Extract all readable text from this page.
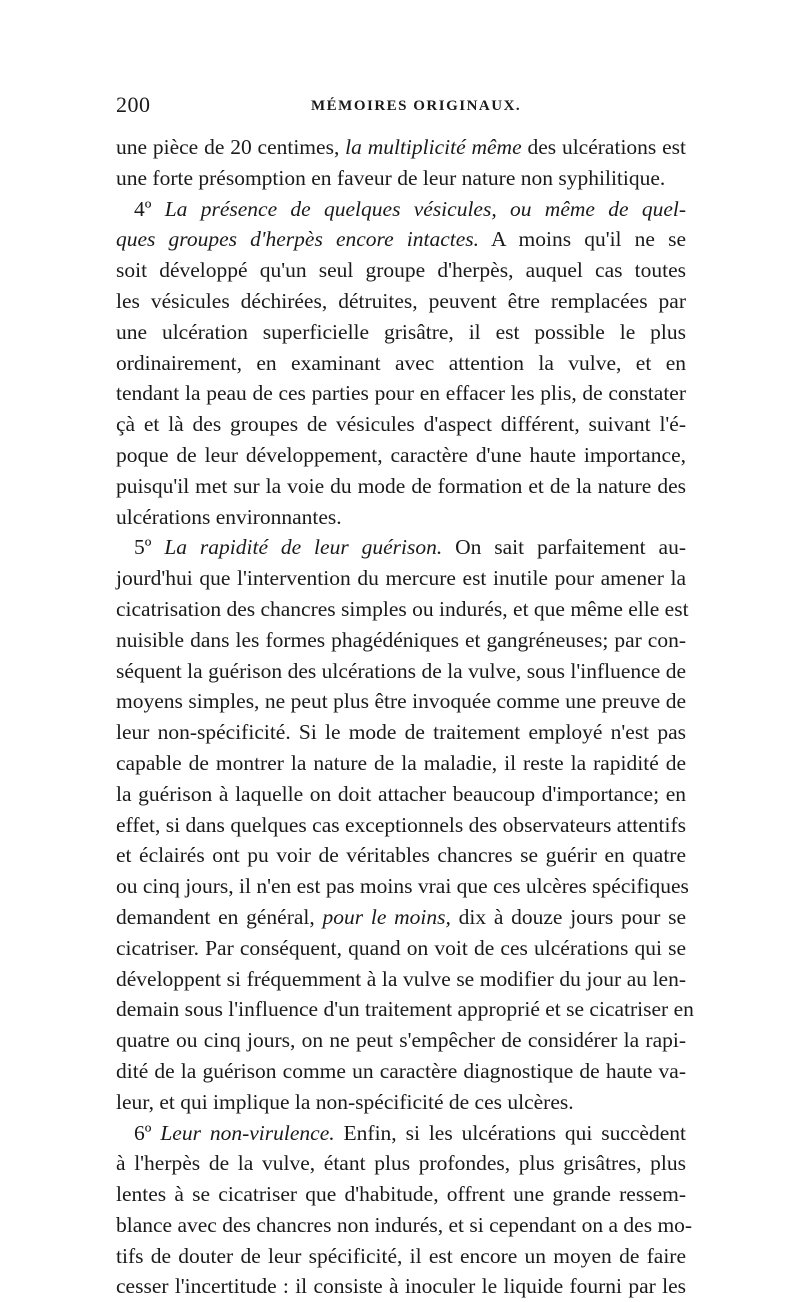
200	MÉMOIRES ORIGINAUX.
une pièce de 20 centimes, la multiplicité même des ulcérations est
une forte présomption en faveur de leur nature non syphilitique.
4º La présence de quelques vésicules, ou même de quel-
ques groupes d'herpès encore intactes. A moins qu'il ne se
soit développé qu'un seul groupe d'herpès, auquel cas toutes
les vésicules déchirées, détruites, peuvent être remplacées par
une ulcération superficielle grisâtre, il est possible le plus
ordinairement, en examinant avec attention la vulve, et en
tendant la peau de ces parties pour en effacer les plis, de constater
çà et là des groupes de vésicules d'aspect différent, suivant l'é-
poque de leur développement, caractère d'une haute importance,
puisqu'il met sur la voie du mode de formation et de la nature des
ulcérations environnantes.
5º La rapidité de leur guérison. On sait parfaitement au-
jourd'hui que l'intervention du mercure est inutile pour amener la
cicatrisation des chancres simples ou indurés, et que même elle est
nuisible dans les formes phagédéniques et gangréneuses; par con-
séquent la guérison des ulcérations de la vulve, sous l'influence de
moyens simples, ne peut plus être invoquée comme une preuve de
leur non-spécificité. Si le mode de traitement employé n'est pas
capable de montrer la nature de la maladie, il reste la rapidité de
la guérison à laquelle on doit attacher beaucoup d'importance; en
effet, si dans quelques cas exceptionnels des observateurs attentifs
et éclairés ont pu voir de véritables chancres se guérir en quatre
ou cinq jours, il n'en est pas moins vrai que ces ulcères spécifiques
demandent en général, pour le moins, dix à douze jours pour se
cicatriser. Par conséquent, quand on voit de ces ulcérations qui se
développent si fréquemment à la vulve se modifier du jour au len-
demain sous l'influence d'un traitement approprié et se cicatriser en
quatre ou cinq jours, on ne peut s'empêcher de considérer la rapi-
dité de la guérison comme un caractère diagnostique de haute va-
leur, et qui implique la non-spécificité de ces ulcères.
6º Leur non-virulence. Enfin, si les ulcérations qui succèdent
à l'herpès de la vulve, étant plus profondes, plus grisâtres, plus
lentes à se cicatriser que d'habitude, offrent une grande ressem-
blance avec des chancres non indurés, et si cependant on a des mo-
tifs de douter de leur spécificité, il est encore un moyen de faire
cesser l'incertitude : il consiste à inoculer le liquide fourni par les
